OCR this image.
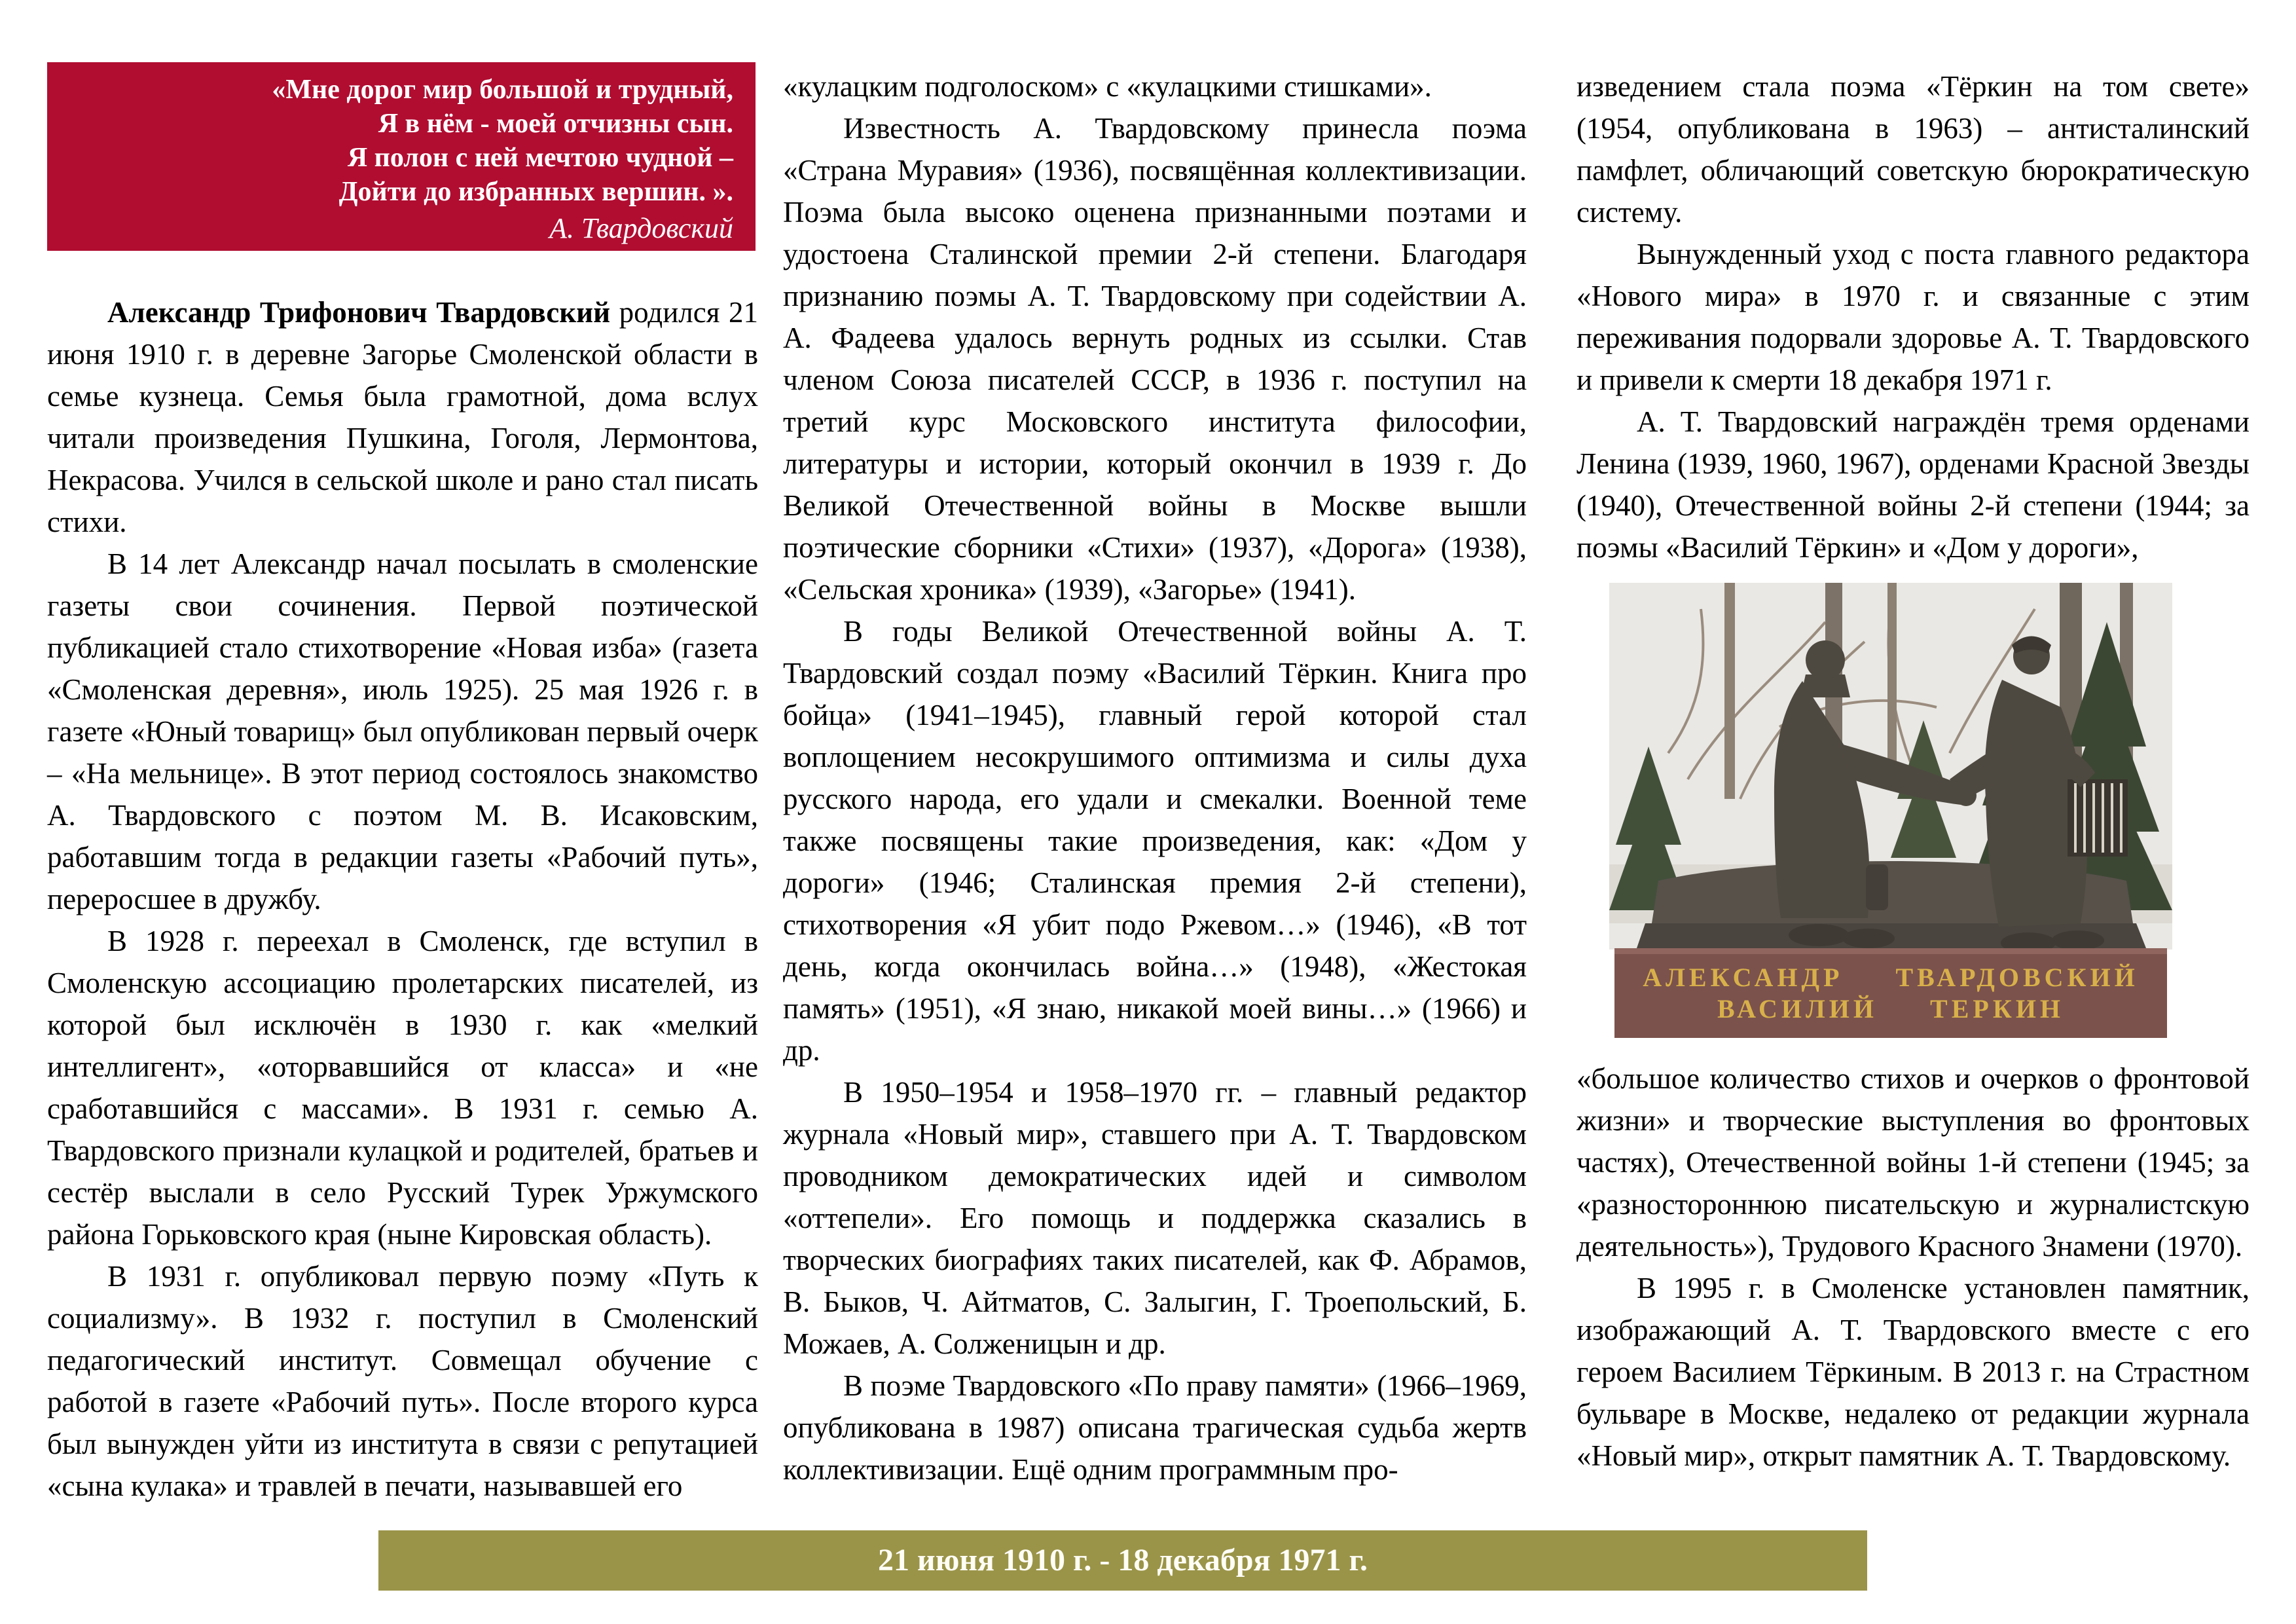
«Мне дорог мир большой и трудный,
Я в нём - моей отчизны сын.
Я полон с ней мечтою чудной –
Дойти до избранных вершин. ».
А. Твардовский

Александр Трифонович Твардовский родился 21 июня 1910 г. в деревне Загорье Смоленской области в семье кузнеца. Семья была грамотной, дома вслух читали произведения Пушкина, Гоголя, Лермонтова, Некрасова. Учился в сельской школе и рано стал писать стихи.

В 14 лет Александр начал посылать в смоленские газеты свои сочинения. Первой поэтической публикацией стало стихотворение «Новая изба» (газета «Смоленская деревня», июль 1925). 25 мая 1926 г. в газете «Юный товарищ» был опубликован первый очерк – «На мельнице». В этот период состоялось знакомство А. Твардовского с поэтом М. В. Исаковским, работавшим тогда в редакции газеты «Рабочий путь», переросшее в дружбу.

В 1928 г. переехал в Смоленск, где вступил в Смоленскую ассоциацию пролетарских писателей, из которой был исключён в 1930 г. как «мелкий интеллигент», «оторвавшийся от класса» и «не сработавшийся с массами». В 1931 г. семью А. Твардовского признали кулацкой и родителей, братьев и сестёр выслали в село Русский Турек Уржумского района Горьковского края (ныне Кировская область).

В 1931 г. опубликовал первую поэму «Путь к социализму». В 1932 г. поступил в Смоленский педагогический институт. Совмещал обучение с работой в газете «Рабочий путь». После второго курса был вынужден уйти из института в связи с репутацией «сына кулака» и травлей в печати, называвшей его

«кулацким подголоском» с «кулацкими стишками».

Известность А. Твардовскому принесла поэма «Страна Муравия» (1936), посвящённая коллективизации. Поэма была высоко оценена признанными поэтами и удостоена Сталинской премии 2-й степени. Благодаря признанию поэмы А. Т. Твардовскому при содействии А. А. Фадеева удалось вернуть родных из ссылки. Став членом Союза писателей СССР, в 1936 г. поступил на третий курс Московского института философии, литературы и истории, который окончил в 1939 г. До Великой Отечественной войны в Москве вышли поэтические сборники «Стихи» (1937), «Дорога» (1938), «Сельская хроника» (1939), «Загорье» (1941).

В годы Великой Отечественной войны А. Т. Твардовский создал поэму «Василий Тёркин. Книга про бойца» (1941–1945), главный герой которой стал воплощением несокрушимого оптимизма и силы духа русского народа, его удали и смекалки. Военной теме также посвящены такие произведения, как: «Дом у дороги» (1946; Сталинская премия 2-й степени), стихотворения «Я убит подо Ржевом…» (1946), «В тот день, когда окончилась война…» (1948), «Жестокая память» (1951), «Я знаю, никакой моей вины…» (1966) и др.

В 1950–1954 и 1958–1970 гг. – главный редактор журнала «Новый мир», ставшего при А. Т. Твардовском проводником демократических идей и символом «оттепели». Его помощь и поддержка сказались в творческих биографиях таких писателей, как Ф. Абрамов, В. Быков, Ч. Айтматов, С. Залыгин, Г. Троепольский, Б. Можаев, А. Солженицын и др.

В поэме Твардовского «По праву памяти» (1966–1969, опубликована в 1987) описана трагическая судьба жертв коллективизации. Ещё одним программным про-

изведением стала поэма «Тёркин на том свете» (1954, опубликована в 1963) – антисталинский памфлет, обличающий советскую бюрократическую систему.

Вынужденный уход с поста главного редактора «Нового мира» в 1970 г. и связанные с этим переживания подорвали здоровье А. Т. Твардовского и привели к смерти 18 декабря 1971 г.

А. Т. Твардовский награждён тремя орденами Ленина (1939, 1960, 1967), орденами Красной Звезды (1940), Отечественной войны 2-й степени (1944; за поэмы «Василий Тёркин» и «Дом у дороги»,

АЛЕКСАНДР ТВАРДОВСКИЙ
ВАСИЛИЙ ТЕРКИН

«большое количество стихов и очерков о фронтовой жизни» и творческие выступления во фронтовых частях), Отечественной войны 1-й степени (1945; за «разностороннюю писательскую и журналистскую деятельность»), Трудового Красного Знамени (1970).

В 1995 г. в Смоленске установлен памятник, изображающий А. Т. Твардовского вместе с его героем Василием Тёркиным. В 2013 г. на Страстном бульваре в Москве, недалеко от редакции журнала «Новый мир», открыт памятник А. Т. Твардовскому.

21 июня 1910 г. - 18 декабря 1971 г.
